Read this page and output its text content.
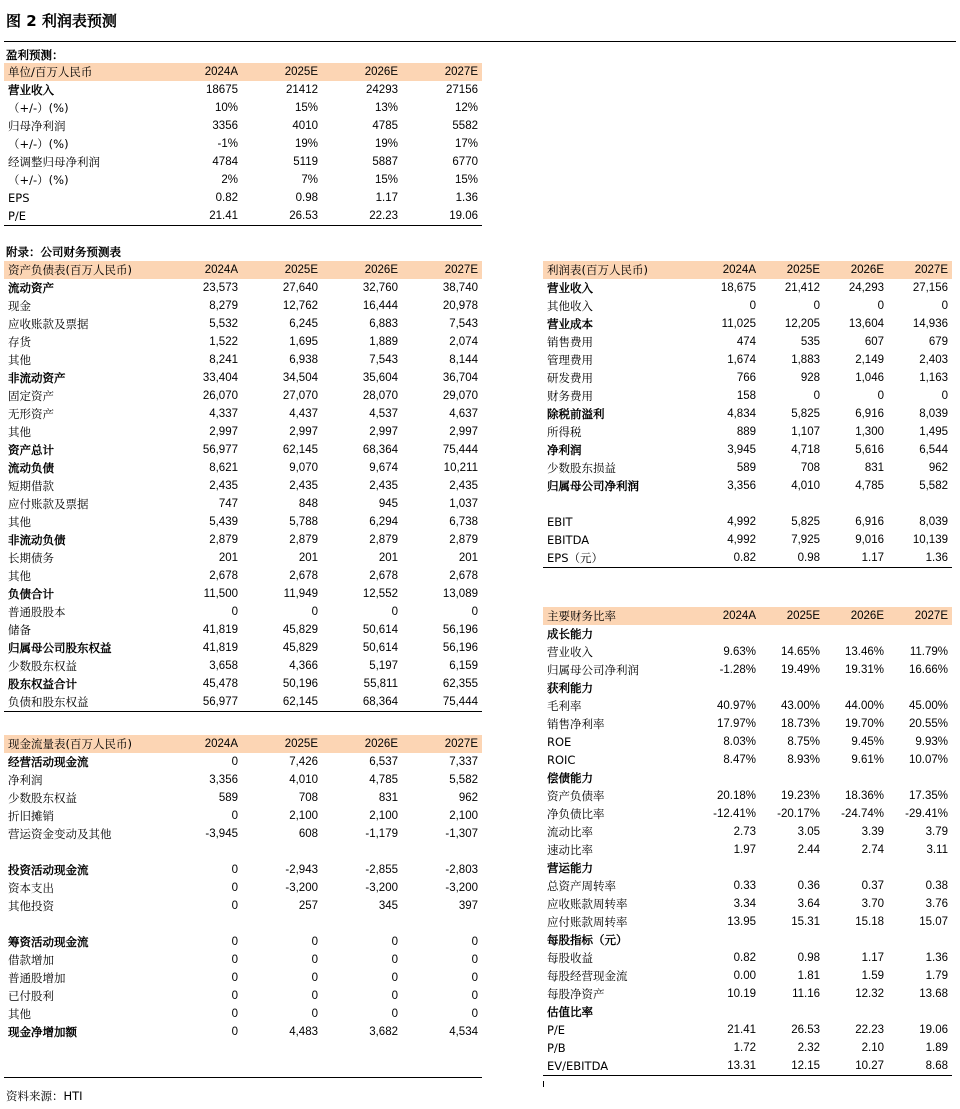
图 2 利润表预测
盈利预测：
单位/百万人民币	2024A	2025E	2026E	2027E
营业收入	18675	21412	24293	27156
（+/-）(%)	10%	15%	13%	12%
归母净利润	3356	4010	4785	5582
（+/-）(%)	-1%	19%	19%	17%
经调整归母净利润	4784	5119	5887	6770
（+/-）(%)	2%	7%	15%	15%
EPS	0.82	0.98	1.17	1.36
P/E	21.41	26.53	22.23	19.06
附录：公司财务预测表
资产负债表(百万人民币)	2024A	2025E	2026E	2027E
流动资产	23,573	27,640	32,760	38,740
现金	8,279	12,762	16,444	20,978
应收账款及票据	5,532	6,245	6,883	7,543
存货	1,522	1,695	1,889	2,074
其他	8,241	6,938	7,543	8,144
非流动资产	33,404	34,504	35,604	36,704
固定资产	26,070	27,070	28,070	29,070
无形资产	4,337	4,437	4,537	4,637
其他	2,997	2,997	2,997	2,997
资产总计	56,977	62,145	68,364	75,444
流动负债	8,621	9,070	9,674	10,211
短期借款	2,435	2,435	2,435	2,435
应付账款及票据	747	848	945	1,037
其他	5,439	5,788	6,294	6,738
非流动负债	2,879	2,879	2,879	2,879
长期债务	201	201	201	201
其他	2,678	2,678	2,678	2,678
负债合计	11,500	11,949	12,552	13,089
普通股股本	0	0	0	0
储备	41,819	45,829	50,614	56,196
归属母公司股东权益	41,819	45,829	50,614	56,196
少数股东权益	3,658	4,366	5,197	6,159
股东权益合计	45,478	50,196	55,811	62,355
负债和股东权益	56,977	62,145	68,364	75,444
现金流量表(百万人民币)	2024A	2025E	2026E	2027E
经营活动现金流	0	7,426	6,537	7,337
净利润	3,356	4,010	4,785	5,582
少数股东权益	589	708	831	962
折旧摊销	0	2,100	2,100	2,100
营运资金变动及其他	-3,945	608	-1,179	-1,307

投资活动现金流	0	-2,943	-2,855	-2,803
资本支出	0	-3,200	-3,200	-3,200
其他投资	0	257	345	397

筹资活动现金流	0	0	0	0
借款增加	0	0	0	0
普通股增加	0	0	0	0
已付股利	0	0	0	0
其他	0	0	0	0
现金净增加额	0	4,483	3,682	4,534

利润表(百万人民币)	2024A	2025E	2026E	2027E
营业收入	18,675	21,412	24,293	27,156
其他收入	0	0	0	0
营业成本	11,025	12,205	13,604	14,936
销售费用	474	535	607	679
管理费用	1,674	1,883	2,149	2,403
研发费用	766	928	1,046	1,163
财务费用	158	0	0	0
除税前溢利	4,834	5,825	6,916	8,039
所得税	889	1,107	1,300	1,495
净利润	3,945	4,718	5,616	6,544
少数股东损益	589	708	831	962
归属母公司净利润	3,356	4,010	4,785	5,582

EBIT	4,992	5,825	6,916	8,039
EBITDA	4,992	7,925	9,016	10,139
EPS（元）	0.82	0.98	1.17	1.36
主要财务比率	2024A	2025E	2026E	2027E
成长能力				
营业收入	9.63%	14.65%	13.46%	11.79%
归属母公司净利润	-1.28%	19.49%	19.31%	16.66%
获利能力				
毛利率	40.97%	43.00%	44.00%	45.00%
销售净利率	17.97%	18.73%	19.70%	20.55%
ROE	8.03%	8.75%	9.45%	9.93%
ROIC	8.47%	8.93%	9.61%	10.07%
偿债能力				
资产负债率	20.18%	19.23%	18.36%	17.35%
净负债比率	-12.41%	-20.17%	-24.74%	-29.41%
流动比率	2.73	3.05	3.39	3.79
速动比率	1.97	2.44	2.74	3.11
营运能力				
总资产周转率	0.33	0.36	0.37	0.38
应收账款周转率	3.34	3.64	3.70	3.76
应付账款周转率	13.95	15.31	15.18	15.07
每股指标（元）				
每股收益	0.82	0.98	1.17	1.36
每股经营现金流	0.00	1.81	1.59	1.79
每股净资产	10.19	11.16	12.32	13.68
估值比率				
P/E	21.41	26.53	22.23	19.06
P/B	1.72	2.32	2.10	1.89
EV/EBITDA	13.31	12.15	10.27	8.68
资料来源：HTI
